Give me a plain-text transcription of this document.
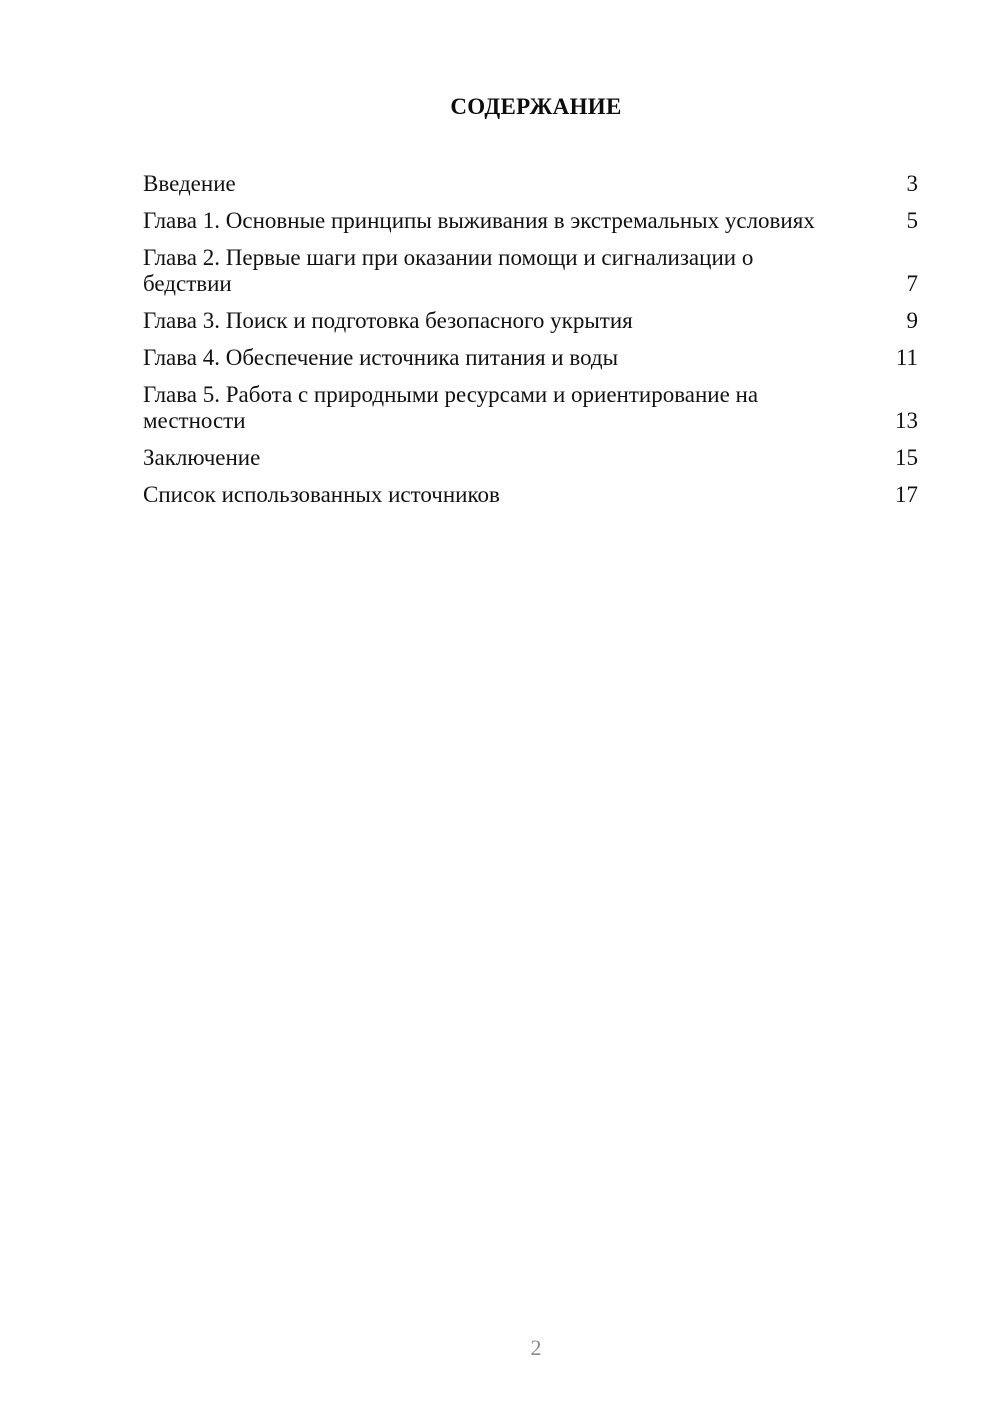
СОДЕРЖАНИЕ
Введение	3
Глава 1. Основные принципы выживания в экстремальных условиях	5
Глава 2. Первые шаги при оказании помощи и сигнализации о бедствии	7
Глава 3. Поиск и подготовка безопасного укрытия	9
Глава 4. Обеспечение источника питания и воды	11
Глава 5. Работа с природными ресурсами и ориентирование на местности	13
Заключение	15
Список использованных источников	17
2
